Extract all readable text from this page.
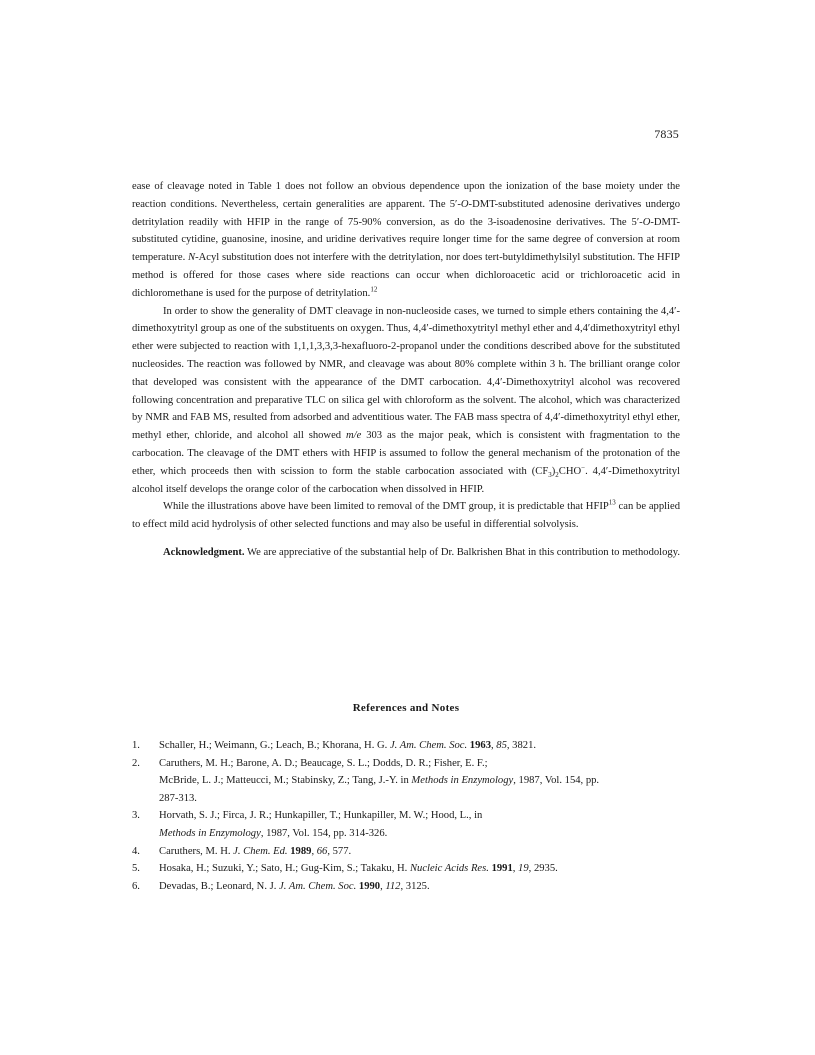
7835

ease of cleavage noted in Table 1 does not follow an obvious dependence upon the ionization of the base moiety under the reaction conditions. Nevertheless, certain generalities are apparent. The 5′-O-DMT-substituted adenosine derivatives undergo detritylation readily with HFIP in the range of 75-90% conversion, as do the 3-isoadenosine derivatives. The 5′-O-DMT-substituted cytidine, guanosine, inosine, and uridine derivatives require longer time for the same degree of conversion at room temperature. N-Acyl substitution does not interfere with the detritylation, nor does tert-butyldimethylsilyl substitution. The HFIP method is offered for those cases where side reactions can occur when dichloroacetic acid or trichloroacetic acid in dichloromethane is used for the purpose of detritylation.$^{12}$

In order to show the generality of DMT cleavage in non-nucleoside cases, we turned to simple ethers containing the 4,4′-dimethoxytrityl group as one of the substituents on oxygen. Thus, 4,4′-dimethoxytrityl methyl ether and 4,4′dimethoxytrityl ethyl ether were subjected to reaction with 1,1,1,3,3,3-hexafluoro-2-propanol under the conditions described above for the substituted nucleosides. The reaction was followed by NMR, and cleavage was about 80% complete within 3 h. The brilliant orange color that developed was consistent with the appearance of the DMT carbocation. 4,4′-Dimethoxytrityl alcohol was recovered following concentration and preparative TLC on silica gel with chloroform as the solvent. The alcohol, which was characterized by NMR and FAB MS, resulted from adsorbed and adventitious water. The FAB mass spectra of 4,4′-dimethoxytrityl ethyl ether, methyl ether, chloride, and alcohol all showed m/e 303 as the major peak, which is consistent with fragmentation to the carbocation. The cleavage of the DMT ethers with HFIP is assumed to follow the general mechanism of the protonation of the ether, which proceeds then with scission to form the stable carbocation associated with $(CF_3)_2CHO^-$. 4,4′-Dimethoxytrityl alcohol itself develops the orange color of the carbocation when dissolved in HFIP.

While the illustrations above have been limited to removal of the DMT group, it is predictable that HFIP$^{13}$ can be applied to effect mild acid hydrolysis of other selected functions and may also be useful in differential solvolysis.

Acknowledgment. We are appreciative of the substantial help of Dr. Balkrishen Bhat in this contribution to methodology.

References and Notes
1.	Schaller, H.; Weimann, G.; Leach, B.; Khorana, H. G. J. Am. Chem. Soc. 1963, 85, 3821.
2.	Caruthers, M. H.; Barone, A. D.; Beaucage, S. L.; Dodds, D. R.; Fisher, E. F.;
McBride, L. J.; Matteucci, M.; Stabinsky, Z.; Tang, J.-Y. in Methods in Enzymology, 1987, Vol. 154, pp.
287-313.
3.	Horvath, S. J.; Firca, J. R.; Hunkapiller, T.; Hunkapiller, M. W.; Hood, L., in
Methods in Enzymology, 1987, Vol. 154, pp. 314-326.
4.	Caruthers, M. H. J. Chem. Ed. 1989, 66, 577.
5.	Hosaka, H.; Suzuki, Y.; Sato, H.; Gug-Kim, S.; Takaku, H. Nucleic Acids Res. 1991, 19, 2935.
6.	Devadas, B.; Leonard, N. J. J. Am. Chem. Soc. 1990, 112, 3125.
